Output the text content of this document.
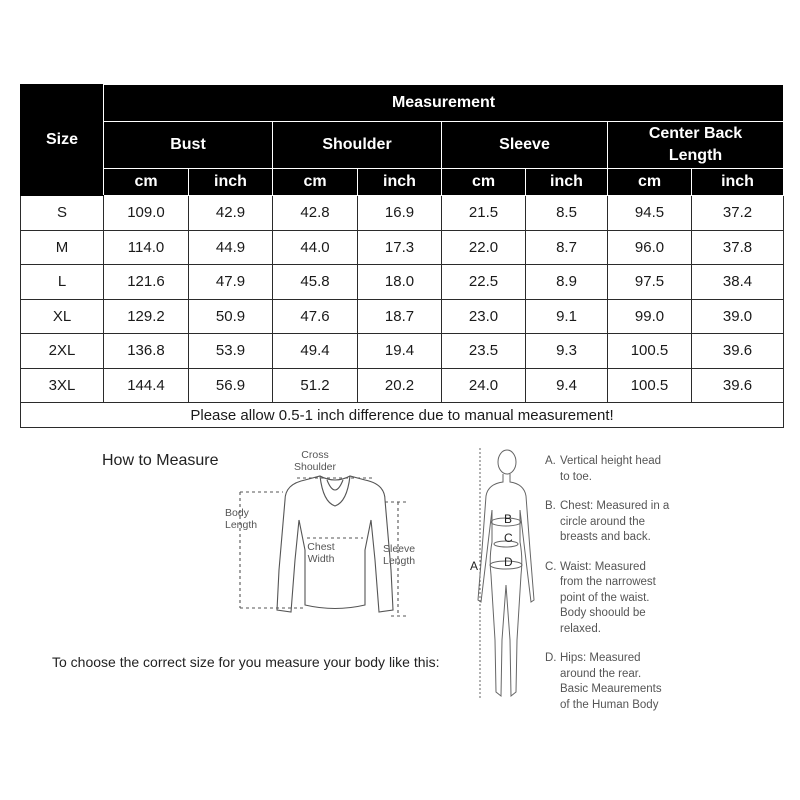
Size	Measurement							
	Bust		Shoulder		Sleeve		Center Back
Length	
	cm	inch	cm	inch	cm	inch	cm	inch
S	109.0	42.9	42.8	16.9	21.5	8.5	94.5	37.2
M	114.0	44.9	44.0	17.3	22.0	8.7	96.0	37.8
L	121.6	47.9	45.8	18.0	22.5	8.9	97.5	38.4
XL	129.2	50.9	47.6	18.7	23.0	9.1	99.0	39.0
2XL	136.8	53.9	49.4	19.4	23.5	9.3	100.5	39.6
3XL	144.4	56.9	51.2	20.2	24.0	9.4	100.5	39.6
Please allow 0.5-1 inch difference due to manual measurement!								
How to Measure	Cross Shoulder
Body Length
Chest Width
Sleeve Length
B
C
D
A
A. Vertical height head
to toe.
B. Chest: Measured in a
circle around the
breasts and back.
C. Waist: Measured
from the narrowest
point of the waist.
Body shoould be
relaxed.
D. Hips: Measured
around the rear.
Basic Meaurements
of the Human Body
To choose the correct size for you measure your body like this:
